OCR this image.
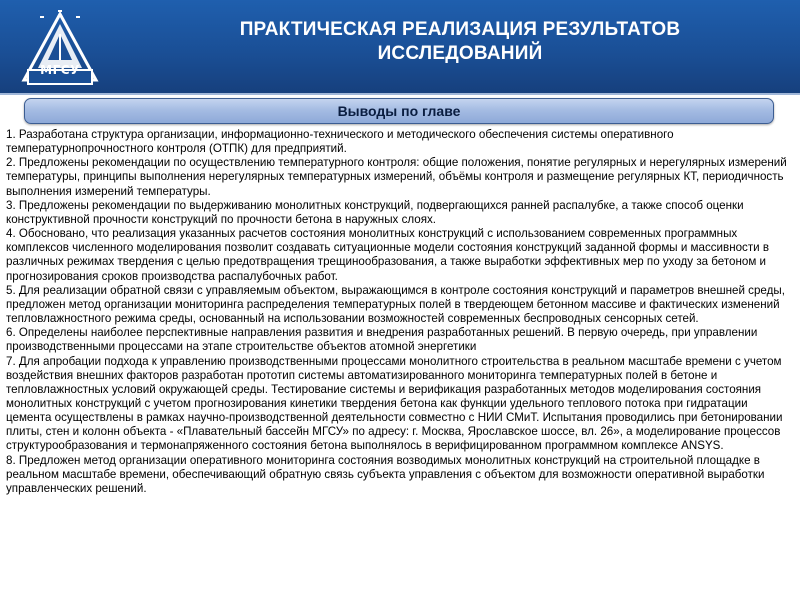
МГСУ
ПРАКТИЧЕСКАЯ РЕАЛИЗАЦИЯ РЕЗУЛЬТАТОВ
ИССЛЕДОВАНИЙ
Выводы по главе

1. Разработана структура организации, информационно-технического и методического обеспечения системы оперативного температурнопрочностного контроля (ОТПК) для предприятий.

2. Предложены рекомендации по осуществлению температурного контроля: общие положения, понятие регулярных и нерегулярных измерений температуры, принципы выполнения нерегулярных температурных измерений, объёмы контроля и размещение регулярных КТ, периодичность выполнения измерений температуры.

3. Предложены рекомендации по выдерживанию монолитных конструкций, подвергающихся ранней распалубке, а также способ оценки конструктивной прочности конструкций по прочности бетона в наружных слоях.

4. Обосновано, что реализация указанных расчетов состояния монолитных конструкций с использованием современных программных комплексов численного моделирования позволит создавать ситуационные модели состояния конструкций заданной формы и массивности в различных режимах твердения с целью предотвращения трещинообразования, а также выработки эффективных мер по уходу за бетоном и прогнозирования сроков производства распалубочных работ.

5. Для реализации обратной связи с управляемым объектом, выражающимся в контроле состояния конструкций и параметров внешней среды, предложен метод организации мониторинга распределения температурных полей в твердеющем бетонном массиве и фактических изменений тепловлажностного режима среды, основанный на использовании возможностей современных беспроводных сенсорных сетей.

6. Определены наиболее перспективные направления развития и внедрения разработанных решений. В первую очередь, при управлении производственными процессами на этапе строительстве объектов атомной энергетики

7. Для апробации подхода к управлению производственными процессами монолитного строительства в реальном масштабе времени с учетом воздействия внешних факторов разработан прототип системы автоматизированного мониторинга температурных полей в бетоне и тепловлажностных условий окружающей среды. Тестирование системы и верификация разработанных методов моделирования состояния монолитных конструкций с учетом прогнозирования кинетики твердения бетона как функции удельного теплового потока при гидратации цемента осуществлены в рамках научно-производственной деятельности совместно с НИИ СМиТ. Испытания проводились при бетонировании плиты, стен и колонн объекта - «Плавательный бассейн МГСУ» по адресу: г. Москва, Ярославское шоссе, вл. 26», а моделирование процессов структурообразования и термонапряженного состояния бетона выполнялось в верифицированном программном комплексе ANSYS.

8. Предложен метод организации оперативного мониторинга состояния возводимых монолитных конструкций на строительной площадке в реальном масштабе времени, обеспечивающий обратную связь субъекта управления с объектом для возможности оперативной выработки управленческих решений.
